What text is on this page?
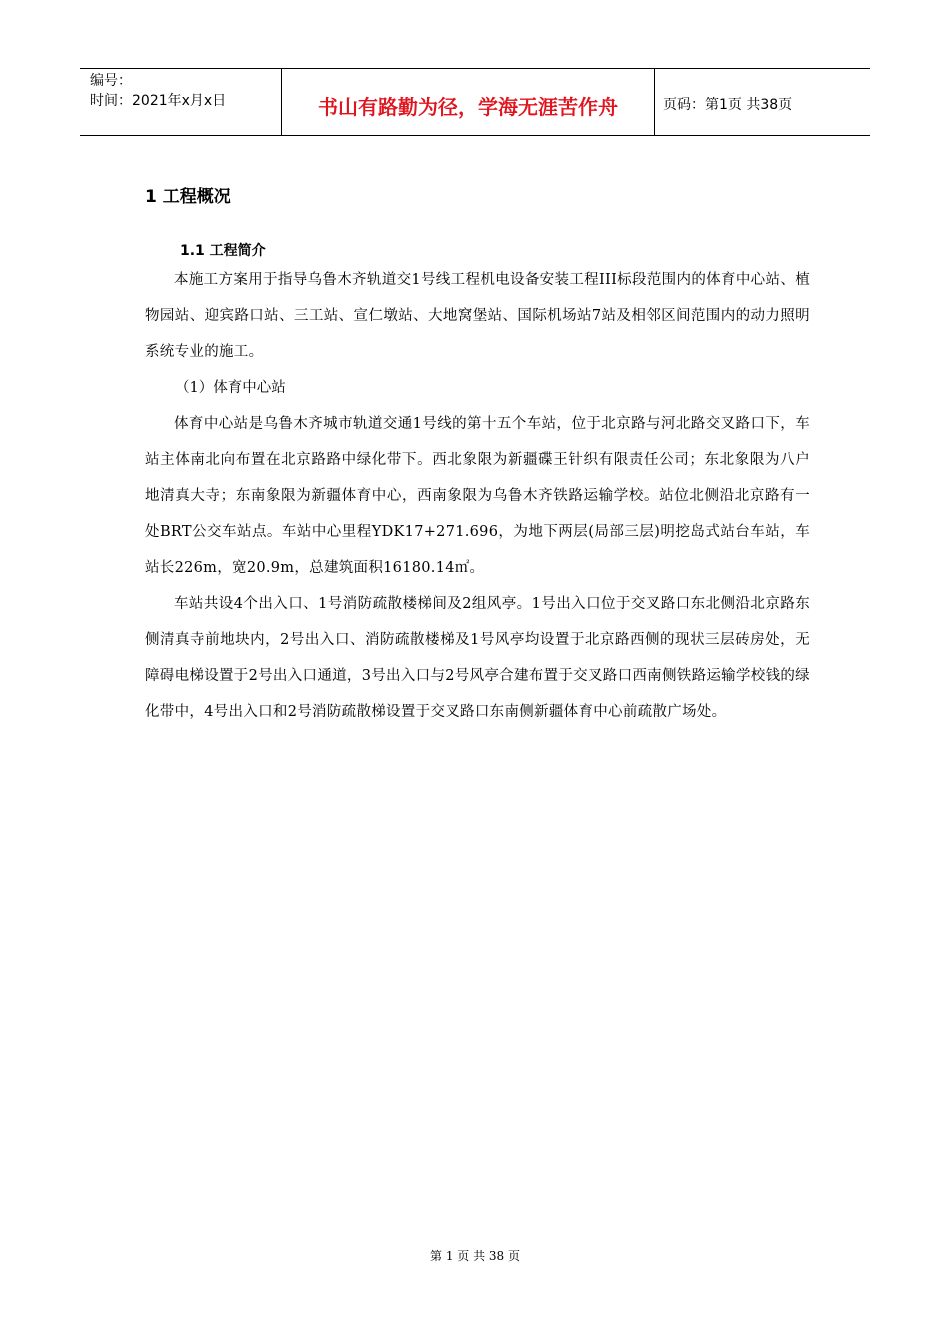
编号：
时间：2021年x月x日	书山有路勤为径，学海无涯苦作舟	页码：第1页 共38页
1 工程概况
1.1 工程简介

本施工方案用于指导乌鲁木齐轨道交1号线工程机电设备安装工程III标段范围内的体育中心站、植物园站、迎宾路口站、三工站、宣仁墩站、大地窝堡站、国际机场站7站及相邻区间范围内的动力照明系统专业的施工。

（1）体育中心站

体育中心站是乌鲁木齐城市轨道交通1号线的第十五个车站，位于北京路与河北路交叉路口下，车站主体南北向布置在北京路路中绿化带下。西北象限为新疆碟王针织有限责任公司；东北象限为八户地清真大寺；东南象限为新疆体育中心，西南象限为乌鲁木齐铁路运输学校。站位北侧沿北京路有一处BRT公交车站点。车站中心里程YDK17+271.696，为地下两层(局部三层)明挖岛式站台车站，车站长226m，宽20.9m，总建筑面积16180.14㎡。

车站共设4个出入口、1号消防疏散楼梯间及2组风亭。1号出入口位于交叉路口东北侧沿北京路东侧清真寺前地块内，2号出入口、消防疏散楼梯及1号风亭均设置于北京路西侧的现状三层砖房处，无障碍电梯设置于2号出入口通道，3号出入口与2号风亭合建布置于交叉路口西南侧铁路运输学校钱的绿化带中，4号出入口和2号消防疏散梯设置于交叉路口东南侧新疆体育中心前疏散广场处。

第 1 页 共 38 页
